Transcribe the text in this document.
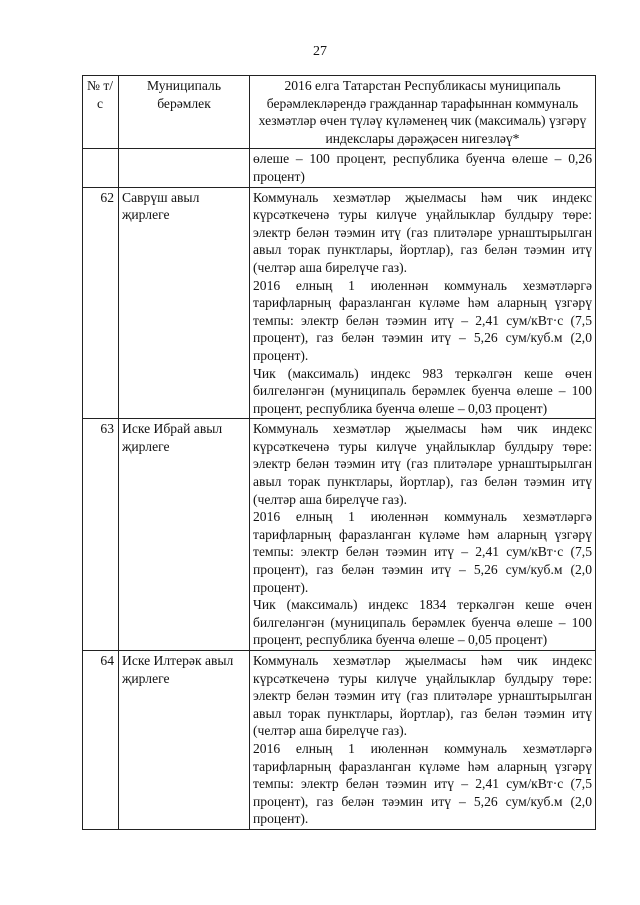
27
№ т/с	Муниципаль берәмлек	2016 елга Татарстан Республикасы муниципаль берәмлекләрендә гражданнар тарафыннан коммуналь хезмәтләр өчен түләү күләменең чик (максималь) үзгәрү индекслары дәрәҗәсен нигезләү*
		өлеше – 100 процент, республика буенча өлеше – 0,26 процент)
62	Саврүш авыл җирлеге	Коммуналь хезмәтләр җыелмасы һәм чик индекс күрсәткеченә туры килүче уңайлыклар булдыру төре: электр белән тәэмин итү (газ плитәләре урнаштырылган авыл торак пунктлары, йортлар), газ белән тәэмин итү (челтәр аша бирелүче газ).
2016 елның 1 июленнән коммуналь хезмәтләргә тарифларның фаразланган күләме һәм аларның үзгәрү темпы: электр белән тәэмин итү – 2,41 сум/кВт·с (7,5 процент), газ белән тәэмин итү – 5,26 сум/куб.м (2,0 процент).
Чик (максималь) индекс 983 теркәлгән кеше өчен билгеләнгән (муниципаль берәмлек буенча өлеше – 100 процент, республика буенча өлеше – 0,03 процент)

63	Иске Ибрай авыл җирлеге	Коммуналь хезмәтләр җыелмасы һәм чик индекс күрсәткеченә туры килүче уңайлыклар булдыру төре: электр белән тәэмин итү (газ плитәләре урнаштырылган авыл торак пунктлары, йортлар), газ белән тәэмин итү (челтәр аша бирелүче газ).
2016 елның 1 июленнән коммуналь хезмәтләргә тарифларның фаразланган күләме һәм аларның үзгәрү темпы: электр белән тәэмин итү – 2,41 сум/кВт·с (7,5 процент), газ белән тәэмин итү – 5,26 сум/куб.м (2,0 процент).
Чик (максималь) индекс 1834 теркәлгән кеше өчен билгеләнгән (муниципаль берәмлек буенча өлеше – 100 процент, республика буенча өлеше – 0,05 процент)

64	Иске Илтерәк авыл җирлеге	Коммуналь хезмәтләр җыелмасы һәм чик индекс күрсәткеченә туры килүче уңайлыклар булдыру төре: электр белән тәэмин итү (газ плитәләре урнаштырылган авыл торак пунктлары, йортлар), газ белән тәэмин итү (челтәр аша бирелүче газ).
2016 елның 1 июленнән коммуналь хезмәтләргә тарифларның фаразланган күләме һәм аларның үзгәрү темпы: электр белән тәэмин итү – 2,41 сум/кВт·с (7,5 процент), газ белән тәэмин итү – 5,26 сум/куб.м (2,0 процент).
